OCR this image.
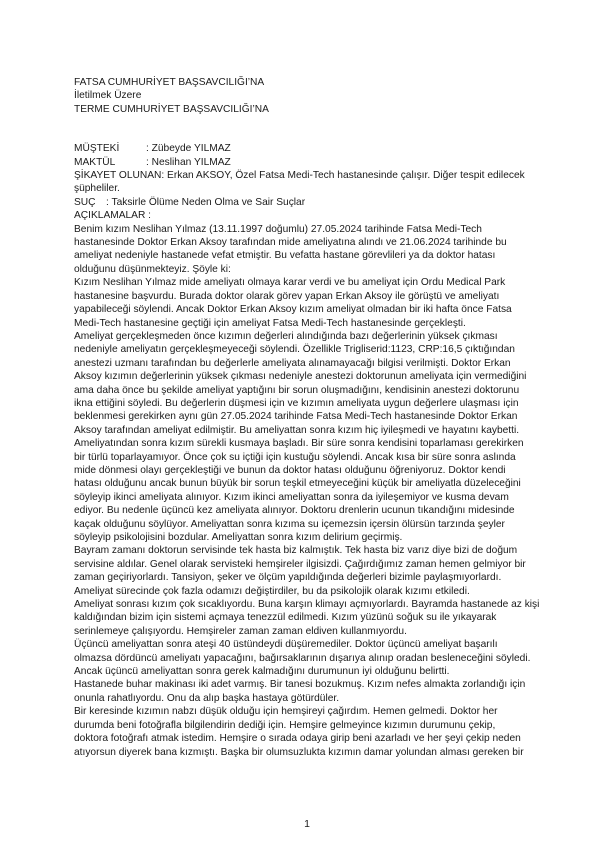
FATSA CUMHURİYET BAŞSAVCILIĞI’NA
İletilmek Üzere
TERME CUMHURİYET BAŞSAVCILIĞI’NA
MÜŞTEKİ	: Zübeyde YILMAZ
MAKTÜL	: Neslihan YILMAZ
ŞİKAYET OLUNAN: Erkan AKSOY, Özel Fatsa Medi-Tech hastanesinde çalışır. Diğer tespit edilecek şüpheliler.
SUÇ	: Taksirle Ölüme Neden Olma ve Sair Suçlar
AÇIKLAMALAR :
Benim kızım Neslihan Yılmaz (13.11.1997 doğumlu) 27.05.2024 tarihinde Fatsa Medi-Tech
hastanesinde Doktor Erkan Aksoy tarafından mide ameliyatına alındı ve 21.06.2024 tarihinde bu
ameliyat nedeniyle hastanede vefat etmiştir. Bu vefatta hastane görevlileri ya da doktor hatası
olduğunu düşünmekteyiz. Şöyle ki:
Kızım Neslihan Yılmaz mide ameliyatı olmaya karar verdi ve bu ameliyat için Ordu Medical Park
hastanesine başvurdu. Burada doktor olarak görev yapan Erkan Aksoy ile görüştü ve ameliyatı
yapabileceği söylendi. Ancak Doktor Erkan Aksoy kızım ameliyat olmadan bir iki hafta önce Fatsa
Medi-Tech hastanesine geçtiği için ameliyat Fatsa Medi-Tech hastanesinde gerçekleşti.
Ameliyat gerçekleşmeden önce kızımın değerleri alındığında bazı değerlerinin yüksek çıkması
nedeniyle ameliyatın gerçekleşmeyeceği söylendi. Özellikle Trigliserid:1123, CRP:16,5 çıktığından
anestezi uzmanı tarafından bu değerlerle ameliyata alınamayacağı bilgisi verilmişti. Doktor Erkan
Aksoy kızımın değerlerinin yüksek çıkması nedeniyle anestezi doktorunun ameliyata için vermediğini
ama daha önce bu şekilde ameliyat yaptığını bir sorun oluşmadığını, kendisinin anestezi doktorunu
ikna ettiğini söyledi. Bu değerlerin düşmesi için ve kızımın ameliyata uygun değerlere ulaşması için
beklenmesi gerekirken aynı gün 27.05.2024 tarihinde Fatsa Medi-Tech hastanesinde Doktor Erkan
Aksoy tarafından ameliyat edilmiştir. Bu ameliyattan sonra kızım hiç iyileşmedi ve hayatını kaybetti.
Ameliyatından sonra kızım sürekli kusmaya başladı. Bir süre sonra kendisini toparlaması gerekirken
bir türlü toparlayamıyor. Önce çok su içtiği için kustuğu söylendi. Ancak kısa bir süre sonra aslında
mide dönmesi olayı gerçekleştiği ve bunun da doktor hatası olduğunu öğreniyoruz. Doktor kendi
hatası olduğunu ancak bunun büyük bir sorun teşkil etmeyeceğini küçük bir ameliyatla düzeleceğini
söyleyip ikinci ameliyata alınıyor. Kızım ikinci ameliyattan sonra da iyileşemiyor ve kusma devam
ediyor. Bu nedenle üçüncü kez ameliyata alınıyor. Doktoru drenlerin ucunun tıkandığını midesinde
kaçak olduğunu söylüyor. Ameliyattan sonra kızıma su içemezsin içersin ölürsün tarzında şeyler
söyleyip psikolojisini bozdular. Ameliyattan sonra kızım delirium geçirmiş.
Bayram zamanı doktorun servisinde tek hasta biz kalmıştık. Tek hasta biz varız diye bizi de doğum
servisine aldılar. Genel olarak servisteki hemşireler ilgisizdi. Çağırdığımız zaman hemen gelmiyor bir
zaman geçiriyorlardı. Tansiyon, şeker ve ölçüm yapıldığında değerleri bizimle paylaşmıyorlardı.
Ameliyat sürecinde çok fazla odamızı değiştirdiler, bu da psikolojik olarak kızımı etkiledi.
Ameliyat sonrası kızım çok sıcaklıyordu. Buna karşın klimayı açmıyorlardı. Bayramda hastanede az kişi
kaldığından bizim için sistemi açmaya tenezzül edilmedi. Kızım yüzünü soğuk su ile yıkayarak
serinlemeye çalışıyordu. Hemşireler zaman zaman eldiven kullanmıyordu.
Üçüncü ameliyattan sonra ateşi 40 üstündeydi düşüremediler. Doktor üçüncü ameliyat başarılı
olmazsa dördüncü ameliyatı yapacağını, bağırsaklarının dışarıya alınıp oradan besleneceğini söyledi.
Ancak üçüncü ameliyattan sonra gerek kalmadığını durumunun iyi olduğunu belirtti.
Hastanede buhar makinası iki adet varmış. Bir tanesi bozukmuş. Kızım nefes almakta zorlandığı için
onunla rahatlıyordu. Onu da alıp başka hastaya götürdüler.
Bir keresinde kızımın nabzı düşük olduğu için hemşireyi çağırdım. Hemen gelmedi. Doktor her
durumda beni fotoğrafla bilgilendirin dediği için. Hemşire gelmeyince kızımın durumunu çekip,
doktora fotoğrafı atmak istedim. Hemşire o sırada odaya girip beni azarladı ve her şeyi çekip neden
atıyorsun diyerek bana kızmıştı. Başka bir olumsuzlukta kızımın damar yolundan alması gereken bir
1
